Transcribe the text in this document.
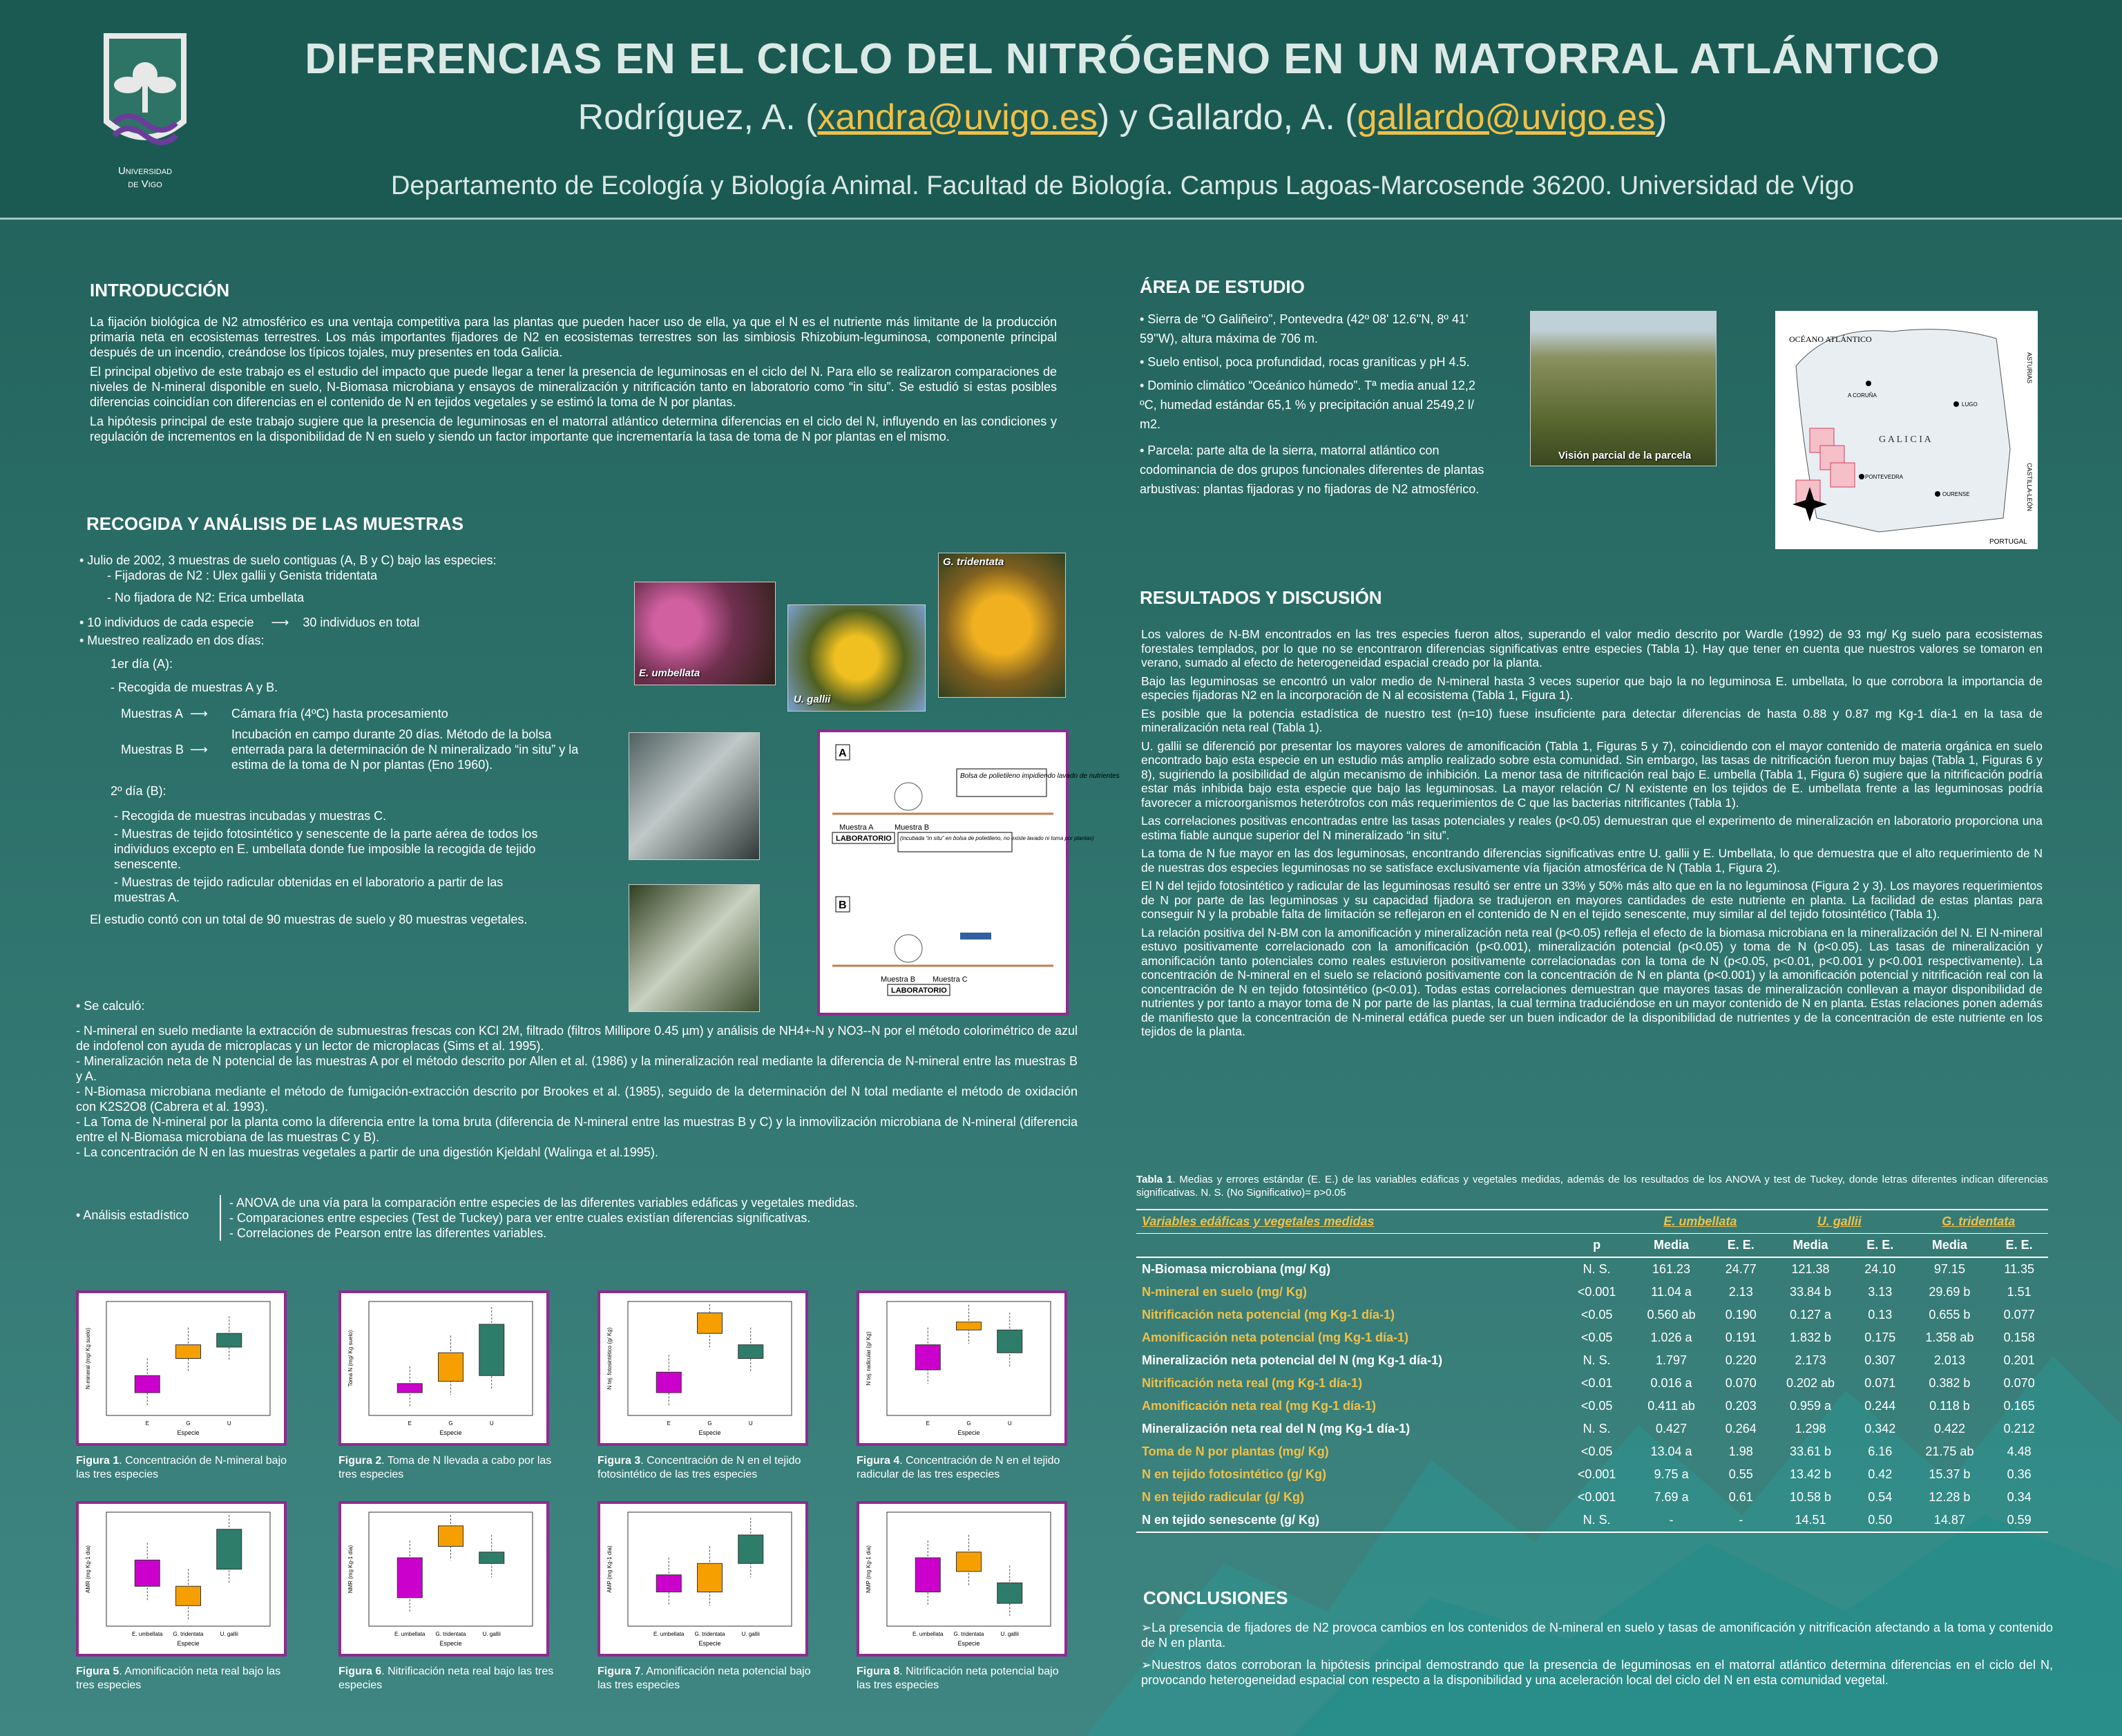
Universidad
de Vigo
DIFERENCIAS EN EL CICLO DEL NITRÓGENO EN UN MATORRAL ATLÁNTICO
Rodríguez, A. (xandra@uvigo.es) y Gallardo, A. (gallardo@uvigo.es)
Departamento de Ecología y Biología Animal. Facultad de Biología. Campus Lagoas-Marcosende 36200. Universidad de Vigo
INTRODUCCIÓN

La fijación biológica de N2 atmosférico es una ventaja competitiva para las plantas que pueden hacer uso de ella, ya que el N es el nutriente más limitante de la producción primaria neta en ecosistemas terrestres. Los más importantes fijadores de N2 en ecosistemas terrestres son las simbiosis Rhizobium-leguminosa, componente principal después de un incendio, creándose los típicos tojales, muy presentes en toda Galicia.

El principal objetivo de este trabajo es el estudio del impacto que puede llegar a tener la presencia de leguminosas en el ciclo del N. Para ello se realizaron comparaciones de niveles de N-mineral disponible en suelo, N-Biomasa microbiana y ensayos de mineralización y nitrificación tanto en laboratorio como “in situ”. Se estudió si estas posibles diferencias coincidían con diferencias en el contenido de N en tejidos vegetales y se estimó la toma de N por plantas.

La hipótesis principal de este trabajo sugiere que la presencia de leguminosas en el matorral atlántico determina diferencias en el ciclo del N, influyendo en las condiciones y regulación de incrementos en la disponibilidad de N en suelo y siendo un factor importante que incrementaría la tasa de toma de N por plantas en el mismo.

RECOGIDA Y ANÁLISIS DE LAS MUESTRAS
• Julio de 2002, 3 muestras de suelo contiguas (A, B y C) bajo las especies:
- Fijadoras de N2 : Ulex gallii y Genista tridentata
- No fijadora de N2: Erica umbellata
• 10 individuos de cada especie ⟶ 30 individuos en total
• Muestreo realizado en dos días:
1er día (A):
- Recogida de muestras A y B.
Muestras A ⟶	Cámara fría (4ºC) hasta procesamiento
Muestras B ⟶
Incubación en campo durante 20 días. Método de la bolsa enterrada para la determinación de N mineralizado “in situ” y la estima de la toma de N por plantas (Eno 1960).
2º día (B):
- Recogida de muestras incubadas y muestras C.
- Muestras de tejido fotosintético y senescente de la parte aérea de todos los individuos excepto en E. umbellata donde fue imposible la recogida de tejido senescente.
- Muestras de tejido radicular obtenidas en el laboratorio a partir de las muestras A.
El estudio contó con un total de 90 muestras de suelo y 80 muestras vegetales.
E. umbellata
U. gallii
G. tridentata
A
B
Bolsa de polietileno impidiendo lavado de nutrientes
Muestra A	Muestra B
LABORATORIO (incubada “in situ” en bolsa de polietileno, no existe lavado ni toma por plantas)
Muestra B Muestra C
LABORATORIO
• Se calculó:
- N-mineral en suelo mediante la extracción de submuestras frescas con KCl 2M, filtrado (filtros Millipore 0.45 µm) y análisis de NH4+-N y NO3--N por el método colorimétrico de azul de indofenol con ayuda de microplacas y un lector de microplacas (Sims et al. 1995).
- Mineralización neta de N potencial de las muestras A por el método descrito por Allen et al. (1986) y la mineralización real mediante la diferencia de N-mineral entre las muestras B y A.
- N-Biomasa microbiana mediante el método de fumigación-extracción descrito por Brookes et al. (1985), seguido de la determinación del N total mediante el método de oxidación con K2S2O8 (Cabrera et al. 1993).
- La Toma de N-mineral por la planta como la diferencia entre la toma bruta (diferencia de N-mineral entre las muestras B y C) y la inmovilización microbiana de N-mineral (diferencia entre el N-Biomasa microbiana de las muestras C y B).
- La concentración de N en las muestras vegetales a partir de una digestión Kjeldahl (Walinga et al.1995).
• Análisis estadístico
- ANOVA de una vía para la comparación entre especies de las diferentes variables edáficas y vegetales medidas.
- Comparaciones entre especies (Test de Tuckey) para ver entre cuales existían diferencias significativas.
- Correlaciones de Pearson entre las diferentes variables.
E	G	U
Especie
N-mineral (mg/ Kg suelo)
Figura 1. Concentración de N-mineral bajo las tres especies
E	G	U
Especie
Toma N (mg/ Kg suelo)
Figura 2. Toma de N llevada a cabo por las tres especies
E	G	U
Especie
N tej. fotosintético (g/ Kg)
Figura 3. Concentración de N en el tejido fotosintético de las tres especies
E	G	U
Especie
N tej. radicular (g/ Kg)
Figura 4. Concentración de N en el tejido radicular de las tres especies
E. umbellata G. tridentata	U. gallii
Especie
AMR (mg Kg-1 día)
Figura 5. Amonificación neta real bajo las tres especies
E. umbellata G. tridentata	U. gallii
Especie
NMR (mg Kg-1 día)
Figura 6. Nitrificación neta real bajo las tres especies
E. umbellata G. tridentata	U. gallii
Especie
AMP (mg Kg-1 día)
Figura 7. Amonificación neta potencial bajo las tres especies
E. umbellata G. tridentata	U. gallii
Especie
NMP (mg Kg-1 día)
Figura 8. Nitrificación neta potencial bajo las tres especies
ÁREA DE ESTUDIO

• Sierra de “O Galiñeiro”, Pontevedra (42º 08' 12.6''N, 8º 41' 59''W), altura máxima de 706 m.

• Suelo entisol, poca profundidad, rocas graníticas y pH 4.5.

• Dominio climático “Oceánico húmedo”. Tª media anual 12,2 ºC, humedad estándar 65,1 % y precipitación anual 2549,2 l/ m2.

• Parcela: parte alta de la sierra, matorral atlántico con codominancia de dos grupos funcionales diferentes de plantas arbustivas: plantas fijadoras y no fijadoras de N2 atmosférico.

Visión parcial de la parcela
OCÉANO ATLÁNTICO
G A L I C I A
A CORUÑA
LUGO
PONTEVEDRA
OURENSE
PORTUGAL
ASTURIAS
CASTILLA-LEÓN
RESULTADOS Y DISCUSIÓN

Los valores de N-BM encontrados en las tres especies fueron altos, superando el valor medio descrito por Wardle (1992) de 93 mg/ Kg suelo para ecosistemas forestales templados, por lo que no se encontraron diferencias significativas entre especies (Tabla 1). Hay que tener en cuenta que nuestros valores se tomaron en verano, sumado al efecto de heterogeneidad espacial creado por la planta.

Bajo las leguminosas se encontró un valor medio de N-mineral hasta 3 veces superior que bajo la no leguminosa E. umbellata, lo que corrobora la importancia de especies fijadoras N2 en la incorporación de N al ecosistema (Tabla 1, Figura 1).

Es posible que la potencia estadística de nuestro test (n=10) fuese insuficiente para detectar diferencias de hasta 0.88 y 0.87 mg Kg-1 día-1 en la tasa de mineralización neta real (Tabla 1).

U. gallii se diferenció por presentar los mayores valores de amonificación (Tabla 1, Figuras 5 y 7), coincidiendo con el mayor contenido de materia orgánica en suelo encontrado bajo esta especie en un estudio más amplio realizado sobre esta comunidad. Sin embargo, las tasas de nitrificación fueron muy bajas (Tabla 1, Figuras 6 y 8), sugiriendo la posibilidad de algún mecanismo de inhibición. La menor tasa de nitrificación real bajo E. umbella (Tabla 1, Figura 6) sugiere que la nitrificación podría estar más inhibida bajo esta especie que bajo las leguminosas. La mayor relación C/ N existente en los tejidos de E. umbellata frente a las leguminosas podría favorecer a microorganismos heterótrofos con más requerimientos de C que las bacterias nitrificantes (Tabla 1).

Las correlaciones positivas encontradas entre las tasas potenciales y reales (p<0.05) demuestran que el experimento de mineralización en laboratorio proporciona una estima fiable aunque superior del N mineralizado “in situ”.

La toma de N fue mayor en las dos leguminosas, encontrando diferencias significativas entre U. gallii y E. Umbellata, lo que demuestra que el alto requerimiento de N de nuestras dos especies leguminosas no se satisface exclusivamente vía fijación atmosférica de N (Tabla 1, Figura 2).

El N del tejido fotosintético y radicular de las leguminosas resultó ser entre un 33% y 50% más alto que en la no leguminosa (Figura 2 y 3). Los mayores requerimientos de N por parte de las leguminosas y su capacidad fijadora se tradujeron en mayores cantidades de este nutriente en planta. La facilidad de estas plantas para conseguir N y la probable falta de limitación se reflejaron en el contenido de N en el tejido senescente, muy similar al del tejido fotosintético (Tabla 1).

La relación positiva del N-BM con la amonificación y mineralización neta real (p<0.05) refleja el efecto de la biomasa microbiana en la mineralización del N. El N-mineral estuvo positivamente correlacionado con la amonificación (p<0.001), mineralización potencial (p<0.05) y toma de N (p<0.05). Las tasas de mineralización y amonificación tanto potenciales como reales estuvieron positivamente correlacionadas con la toma de N (p<0.05, p<0.01, p<0.001 y p<0.001 respectivamente). La concentración de N-mineral en el suelo se relacionó positivamente con la concentración de N en planta (p<0.001) y la amonificación potencial y nitrificación real con la concentración de N en tejido fotosintético (p<0.01). Todas estas correlaciones demuestran que mayores tasas de mineralización conllevan a mayor disponibilidad de nutrientes y por tanto a mayor toma de N por parte de las plantas, la cual termina traduciéndose en un mayor contenido de N en planta. Estas relaciones ponen además de manifiesto que la concentración de N-mineral edáfica puede ser un buen indicador de la disponibilidad de nutrientes y de la concentración de este nutriente en los tejidos de la planta.

Tabla 1. Medias y errores estándar (E. E.) de las variables edáficas y vegetales medidas, además de los resultados de los ANOVA y test de Tuckey, donde letras diferentes indican diferencias significativas. N. S. (No Significativo)= p>0.05
Variables edáficas y vegetales medidas		E. umbellata		U. gallii		G. tridentata	
	p	Media	E. E.	Media	E. E.	Media	E. E.
N-Biomasa microbiana (mg/ Kg)	N. S.	161.23	24.77	121.38	24.10	97.15	11.35
N-mineral en suelo (mg/ Kg)	<0.001	11.04 a	2.13	33.84 b	3.13	29.69 b	1.51
Nitrificación neta potencial (mg Kg-1 día-1)	<0.05	0.560 ab	0.190	0.127 a	0.13	0.655 b	0.077
Amonificación neta potencial (mg Kg-1 día-1)	<0.05	1.026 a	0.191	1.832 b	0.175	1.358 ab	0.158
Mineralización neta potencial del N (mg Kg-1 día-1)	N. S.	1.797	0.220	2.173	0.307	2.013	0.201
Nitrificación neta real (mg Kg-1 día-1)	<0.01	0.016 a	0.070	0.202 ab	0.071	0.382 b	0.070
Amonificación neta real (mg Kg-1 día-1)	<0.05	0.411 ab	0.203	0.959 a	0.244	0.118 b	0.165
Mineralización neta real del N (mg Kg-1 día-1)	N. S.	0.427	0.264	1.298	0.342	0.422	0.212
Toma de N por plantas (mg/ Kg)	<0.05	13.04 a	1.98	33.61 b	6.16	21.75 ab	4.48
N en tejido fotosintético (g/ Kg)	<0.001	9.75 a	0.55	13.42 b	0.42	15.37 b	0.36
N en tejido radicular (g/ Kg)	<0.001	7.69 a	0.61	10.58 b	0.54	12.28 b	0.34
N en tejido senescente (g/ Kg)	N. S.	-	-	14.51	0.50	14.87	0.59
CONCLUSIONES

➢La presencia de fijadores de N2 provoca cambios en los contenidos de N-mineral en suelo y tasas de amonificación y nitrificación afectando a la toma y contenido de N en planta.

➢Nuestros datos corroboran la hipótesis principal demostrando que la presencia de leguminosas en el matorral atlántico determina diferencias en el ciclo del N, provocando heterogeneidad espacial con respecto a la disponibilidad y una aceleración local del ciclo del N en esta comunidad vegetal.
